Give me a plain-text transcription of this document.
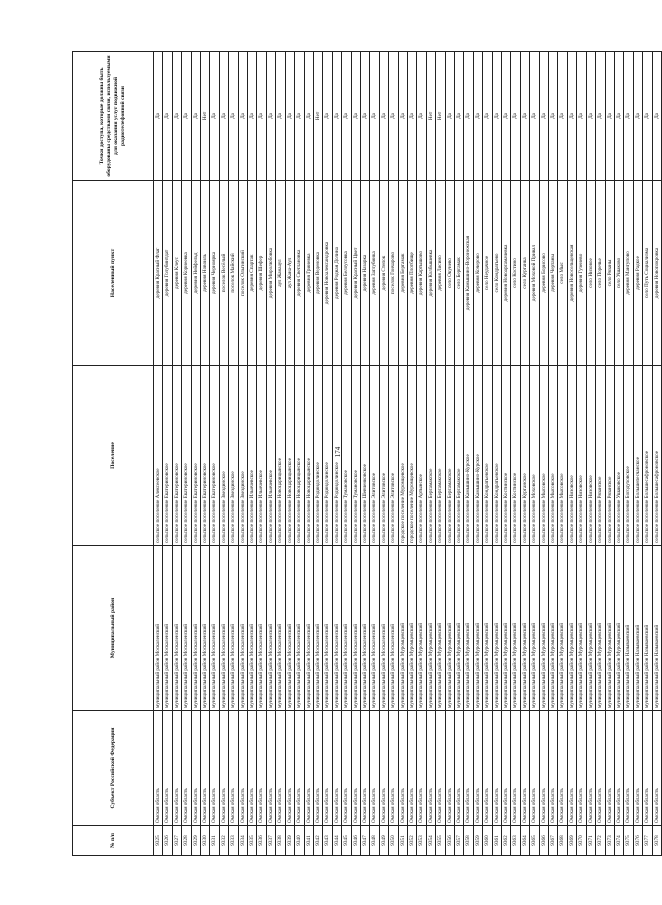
174
№ п/п	Субъект Российской Федерации	Муниципальный район	Поселение	Населенный пункт	Точки доступа, которые должны быть оборудованы средствами связи, используемыми для оказания услуг подвижной радиотелефонной связи
9325	Омская область	муниципальный район Москаленский	сельское поселение Алексеевское	деревня Красный Флаг	Да
9326	Омская область	муниципальный район Москаленский	сельское поселение Екатериновское	деревня Голубинтдат	Да
9327	Омская область	муниципальный район Москаленский	сельское поселение Екатериновское	деревня Клеус	Да
9328	Омская область	муниципальный район Москаленский	сельское поселение Екатериновское	деревня Корнеевка	Да
9329	Омская область	муниципальный район Москаленский	сельское поселение Екатериновское	деревня Нейфельд	Да
9330	Омская область	муниципальный район Москаленский	сельское поселение Екатериновское	деревня Новоиль	Нет
9331	Омская область	муниципальный район Москаленский	сельское поселение Екатериновское	деревня Черноярка	Да
9332	Омская область	муниципальный район Москаленский	сельское поселение Звездинское	поселок Весёлый	Да
9333	Омская область	муниципальный район Москаленский	сельское поселение Звездинское	поселок Майский	Да
9334	Омская область	муниципальный район Москаленский	сельское поселение Звездинское	поселок Ольгинский	Да
9335	Омская область	муниципальный район Москаленский	сельское поселение Ильичевское	деревня Спартак	Да
9336	Омская область	муниципальный район Москаленский	сельское поселение Ильичевское	деревня Шефер	Да
9337	Омская область	муниципальный район Москаленский	сельское поселение Ильичевское	деревня Миролюбовка	Да
9338	Омская область	муниципальный район Москаленский	сельское поселение Новоцарицынское	аул Жанааул	Да
9339	Омская область	муниципальный район Москаленский	сельское поселение Новоцарицынское	аул Жана-Аул	Да
9340	Омская область	муниципальный район Москаленский	сельское поселение Новоцарицынское	деревня Светлановка	Да
9341	Омская область	муниципальный район Москаленский	сельское поселение Новоцарицынское	деревня Гриневка	Да
9342	Омская область	муниципальный район Москаленский	сельское поселение Родиндолинское	деревня Веденовка	Нет
9343	Омская область	муниципальный район Москаленский	сельское поселение Родиндолинское	деревня Новоалександровка	Да
9344	Омская область	муниципальный район Москаленский	сельское поселение Родиндолинское	деревня Родная Долина	Да
9345	Омская область	муниципальный район Москаленский	сельское поселение Тумановское	деревня Белоусовка	Да
9346	Омская область	муниципальный район Москаленский	сельское поселение Тумановское	деревня Красный Цвет	Да
9347	Омская область	муниципальный район Москаленский	сельское поселение Шевченковское	деревня Назарка	Да
9348	Омская область	муниципальный район Москаленский	сельское поселение Элитовское	деревня Заглубинка	Да
9349	Омская область	муниципальный район Москаленский	сельское поселение Элитовское	деревня Степок	Да
9350	Омская область	муниципальный район Москаленский	сельское поселение Элитовское	поселок Гончарово	Да
9351	Омская область	муниципальный район Муромцевский	городское поселение Муромцевское	деревня Бергамак	Да
9352	Омская область	муниципальный район Муромцевский	городское поселение Муромцевское	деревня Плотбище	Да
9353	Омская область	муниципальный район Муромцевский	сельское поселение Артынское	деревня Картышово	Да
9354	Омская область	муниципальный район Муромцевский	сельское поселение Бергамакское	деревня Колбышевка	Нет
9355	Омская область	муниципальный район Муромцевский	сельское поселение Бергамакское	деревня Лисино	Нет
9356	Омская область	муниципальный район Муромцевский	сельское поселение Бергамакское	село Окунево	Да
9357	Омская область	муниципальный район Муромцевский	сельское поселение Бергамакское	село Бергамак	Да
9358	Омская область	муниципальный район Муромцевский	сельское поселение Камышино-Курское	деревня Камышино-Воронежская	Да
9359	Омская область	муниципальный район Муромцевский	сельское поселение Камышино-Курское	деревня Кочерово	Да
9360	Омская область	муниципальный район Муромцевский	сельское поселение Кондратьевское	село Неудачное	Да
9361	Омская область	муниципальный район Муромцевский	сельское поселение Кондратьевское	село Кондратьево	Да
9362	Омская область	муниципальный район Муромцевский	сельское поселение Костинское	деревня Новоаргамачевка	Да
9363	Омская область	муниципальный район Муромцевский	сельское поселение Костинское	село Костино	Да
9364	Омская область	муниципальный район Муромцевский	сельское поселение Курганское	село Курганка	Да
9365	Омская область	муниципальный район Муромцевский	сельское поселение Моховское	деревня Моховой Привал	Да
9366	Омская область	муниципальный район Муромцевский	сельское поселение Мысовское	деревня Борисово	Да
9367	Омская область	муниципальный район Муромцевский	сельское поселение Мысовское	деревня Чертаны	Да
9368	Омская область	муниципальный район Муромцевский	сельское поселение Мысовское	село Мыс	Да
9369	Омская область	муниципальный район Муромцевский	сельское поселение Низовское	деревня Новосельцевская	Да
9370	Омская область	муниципальный район Муромцевский	сельское поселение Низовское	деревня Гузенево	Да
9371	Омская область	муниципальный район Муромцевский	сельское поселение Низовское	село Низовое	Да
9372	Омская область	муниципальный район Муромцевский	сельское поселение Рязанское	село Поречье	Да
9373	Омская область	муниципальный район Муромцевский	сельское поселение Рязанское	село Рязаны	Да
9374	Омская область	муниципальный район Муромцевский	сельское поселение Ушаковское	село Ушаково	Да
9375	Омская область	муниципальный район Называевский	сельское поселение Богодуховское	деревня Мангупово	Да
9376	Омская область	муниципальный район Называевский	сельское поселение Большепесчанское	деревня Радкое	Да
9377	Омская область	муниципальный район Называевский	сельское поселение Большесафроновское	село Путь Социализма	Да
9378	Омская область	муниципальный район Называевский	сельское поселение Большесафроновское	деревня Новопокровка	Да
